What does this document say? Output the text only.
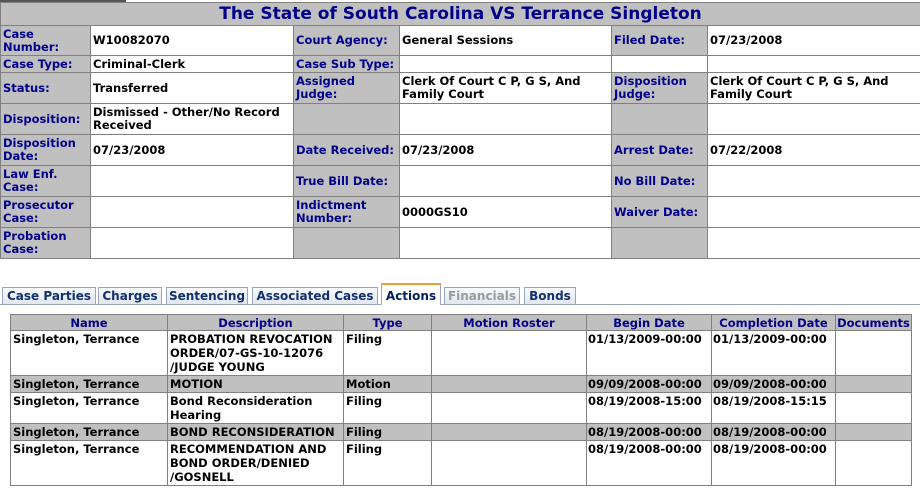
The State of South Carolina VS Terrance Singleton					
Case Number:	W10082070	Court Agency:	General Sessions	Filed Date:	07/23/2008
Case Type:	Criminal-Clerk	Case Sub Type:			
Status:	Transferred	Assigned Judge:	Clerk Of Court C P, G S, And Family Court	Disposition Judge:	Clerk Of Court C P, G S, And Family Court
Disposition:	Dismissed - Other/No Record Received				
Disposition Date:	07/23/2008	Date Received:	07/23/2008	Arrest Date:	07/22/2008
Law Enf. Case:		True Bill Date:		No Bill Date:	
Prosecutor Case:		Indictment Number:	0000GS10	Waiver Date:	
Probation Case:					
Case Parties Charges Sentencing Associated Cases	Actions Financials	Bonds
Name	Description	Type	Motion Roster	Begin Date	Completion Date	Documents
Singleton, Terrance	PROBATION REVOCATION ORDER/07-GS-10-12076 /JUDGE YOUNG	Filing		01/13/2009-00:00	01/13/2009-00:00	
Singleton, Terrance	MOTION	Motion		09/09/2008-00:00	09/09/2008-00:00	
Singleton, Terrance	Bond Reconsideration Hearing	Filing		08/19/2008-15:00	08/19/2008-15:15	
Singleton, Terrance	BOND RECONSIDERATION	Filing		08/19/2008-00:00	08/19/2008-00:00	
Singleton, Terrance	RECOMMENDATION AND BOND ORDER/DENIED /GOSNELL	Filing		08/19/2008-00:00	08/19/2008-00:00	
